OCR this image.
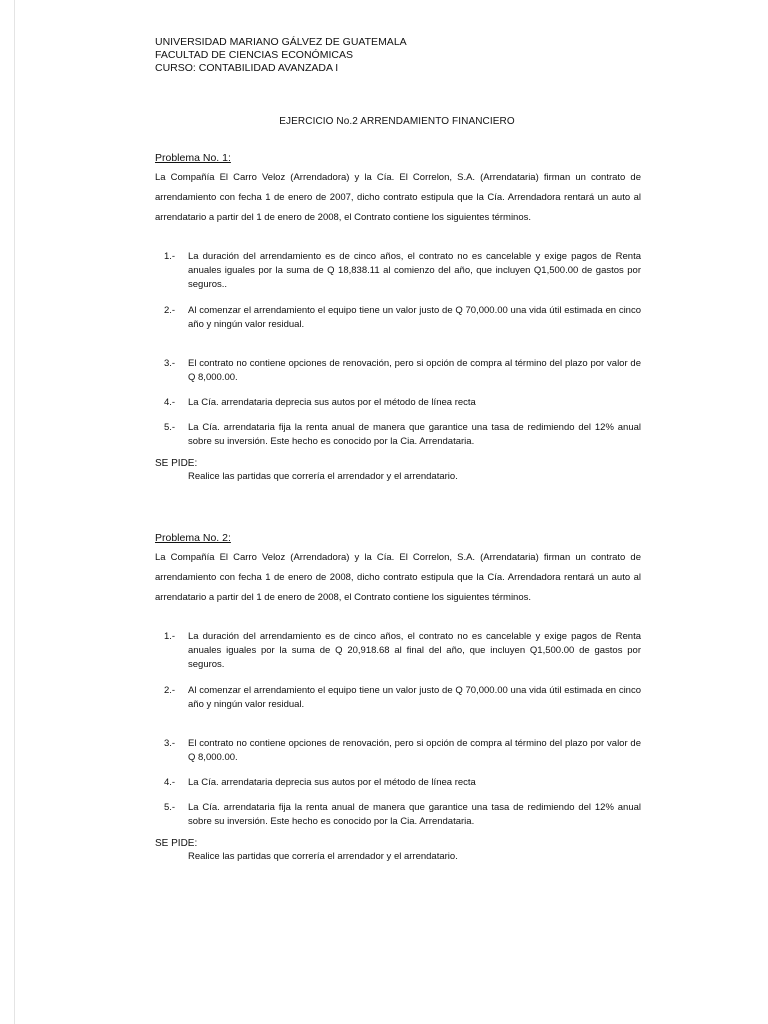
UNIVERSIDAD MARIANO GÁLVEZ DE GUATEMALA
FACULTAD DE CIENCIAS ECONÓMICAS
CURSO: CONTABILIDAD AVANZADA I
EJERCICIO No.2 ARRENDAMIENTO FINANCIERO

Problema No. 1:

La Compañía El Carro Veloz (Arrendadora) y la Cía. El Correlon, S.A. (Arrendataria) firman un contrato de arrendamiento con fecha 1 de enero de 2007, dicho contrato estipula que la Cía. Arrendadora rentará un auto al arrendatario a partir del 1 de enero de 2008, el Contrato contiene los siguientes términos.

1.-	La duración del arrendamiento es de cinco años, el contrato no es cancelable y exige pagos de Renta anuales iguales por la suma de Q 18,838.11 al comienzo del año, que incluyen Q1,500.00 de gastos por seguros..
2.-	Al comenzar el arrendamiento el equipo tiene un valor justo de Q 70,000.00 una vida útil estimada en cinco año y ningún valor residual.
3.-	El contrato no contiene opciones de renovación, pero si opción de compra al término del plazo por valor de Q 8,000.00.
4.-	La Cía. arrendataria deprecia sus autos por el método de línea recta
5.-	La Cía. arrendataria fija la renta anual de manera que garantice una tasa de redimiendo del 12% anual sobre su inversión. Este hecho es conocido por la Cia. Arrendataria.

SE PIDE:

Realice las partidas que correría el arrendador y el arrendatario.

Problema No. 2:

La Compañía El Carro Veloz (Arrendadora) y la Cía. El Correlon, S.A. (Arrendataria) firman un contrato de arrendamiento con fecha 1 de enero de 2008, dicho contrato estipula que la Cía. Arrendadora rentará un auto al arrendatario a partir del 1 de enero de 2008, el Contrato contiene los siguientes términos.

1.-	La duración del arrendamiento es de cinco años, el contrato no es cancelable y exige pagos de Renta anuales iguales por la suma de Q 20,918.68 al final del año, que incluyen Q1,500.00 de gastos por seguros.
2.-	Al comenzar el arrendamiento el equipo tiene un valor justo de Q 70,000.00 una vida útil estimada en cinco año y ningún valor residual.
3.-	El contrato no contiene opciones de renovación, pero si opción de compra al término del plazo por valor de Q 8,000.00.
4.-	La Cía. arrendataria deprecia sus autos por el método de línea recta
5.-	La Cía. arrendataria fija la renta anual de manera que garantice una tasa de redimiendo del 12% anual sobre su inversión. Este hecho es conocido por la Cia. Arrendataria.

SE PIDE:

Realice las partidas que correría el arrendador y el arrendatario.
